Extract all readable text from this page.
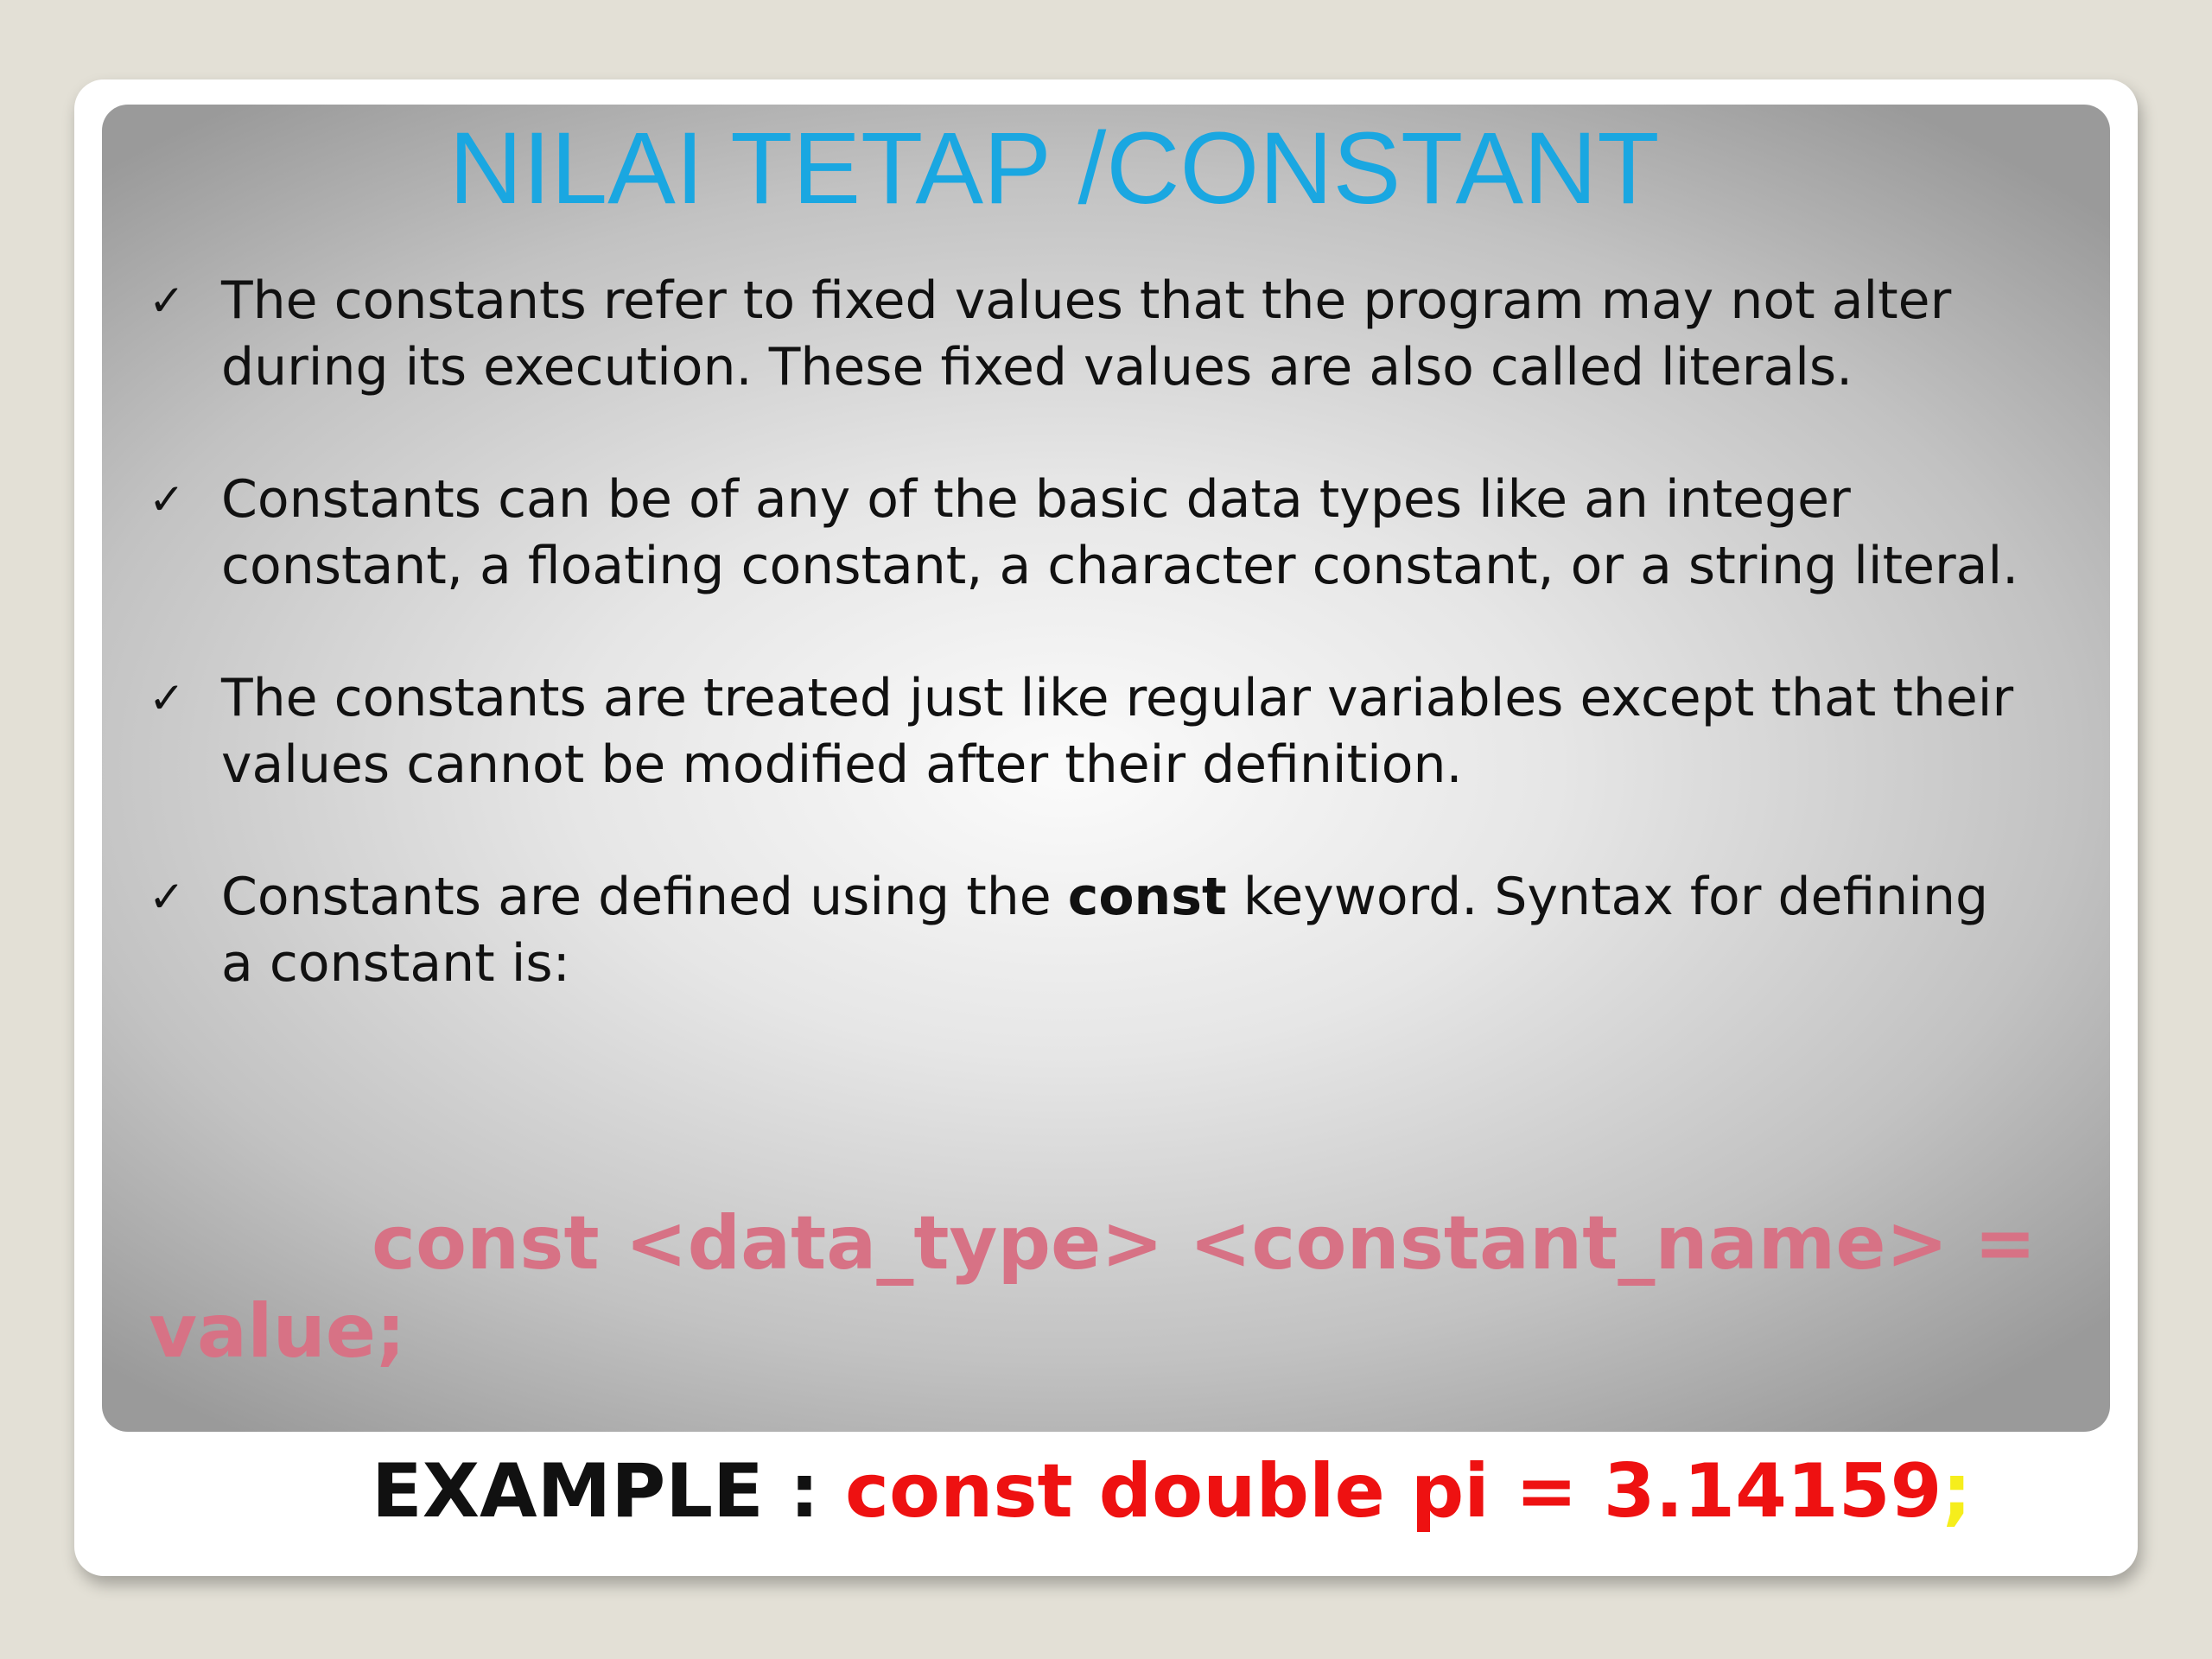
NILAI TETAP /CONSTANT
✓ The constants refer to fixed values that the program may not alter during its execution. These fixed values are also called literals.
✓ Constants can be of any of the basic data types like an integer constant, a floating constant, a character constant, or a string literal.
✓ The constants are treated just like regular variables except that their values cannot be modified after their definition.
✓ Constants are defined using the const keyword. Syntax for defining a constant is:

const <data_type> <constant_name> = value;

EXAMPLE : const double pi = 3.14159;
